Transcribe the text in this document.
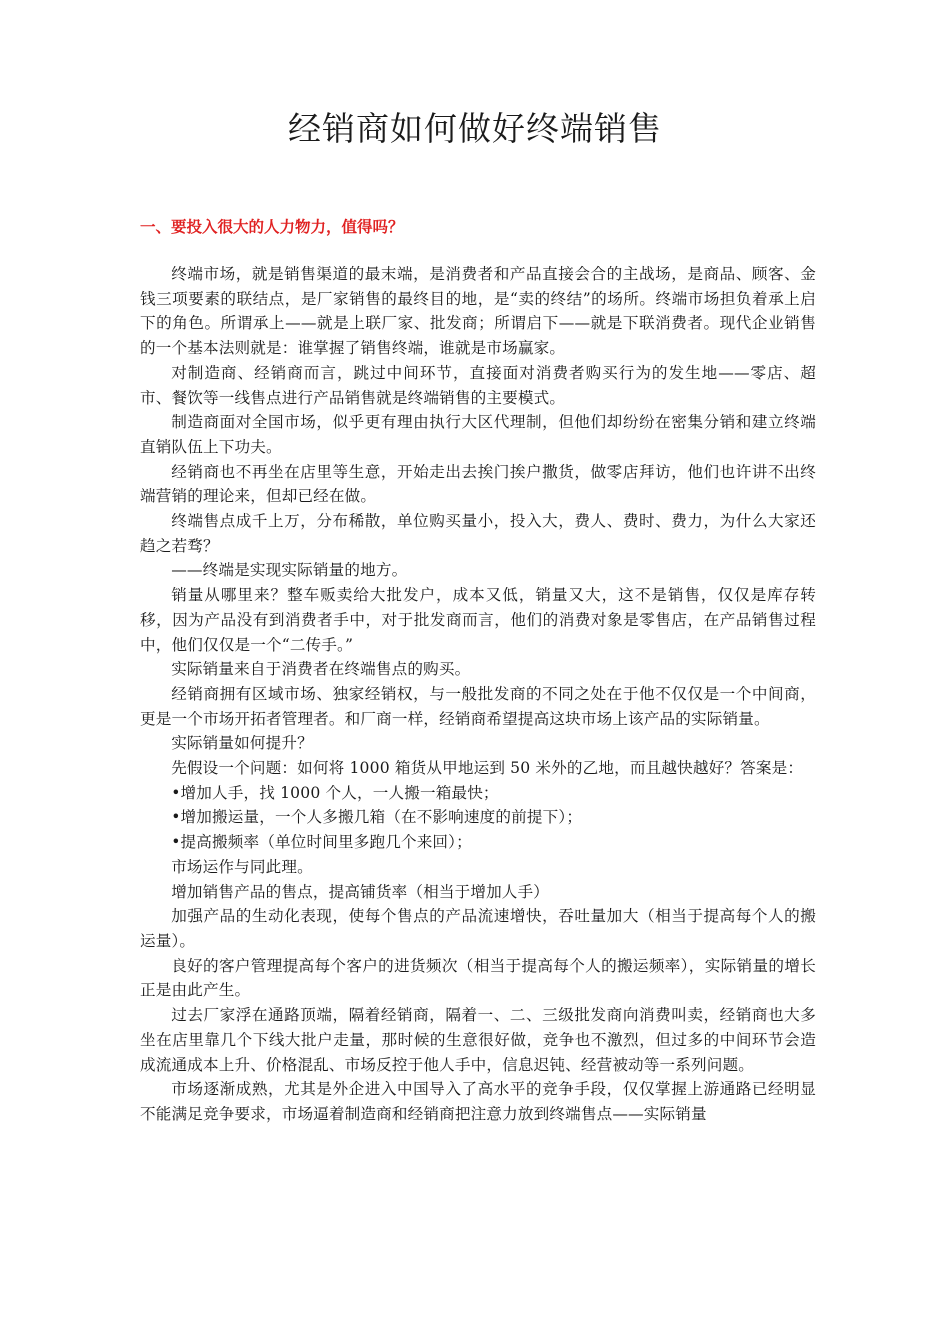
经销商如何做好终端销售
一、要投入很大的人力物力，值得吗？

终端市场，就是销售渠道的最末端，是消费者和产品直接会合的主战场，是商品、顾客、金钱三项要素的联结点，是厂家销售的最终目的地，是“卖的终结”的场所。终端市场担负着承上启下的角色。所谓承上——就是上联厂家、批发商；所谓启下——就是下联消费者。现代企业销售的一个基本法则就是：谁掌握了销售终端，谁就是市场赢家。

对制造商、经销商而言，跳过中间环节，直接面对消费者购买行为的发生地——零店、超市、餐饮等一线售点进行产品销售就是终端销售的主要模式。

制造商面对全国市场，似乎更有理由执行大区代理制，但他们却纷纷在密集分销和建立终端直销队伍上下功夫。

经销商也不再坐在店里等生意，开始走出去挨门挨户撒货，做零店拜访，他们也许讲不出终端营销的理论来，但却已经在做。

终端售点成千上万，分布稀散，单位购买量小，投入大，费人、费时、费力，为什么大家还趋之若骛？

——终端是实现实际销量的地方。

销量从哪里来？整车贩卖给大批发户，成本又低，销量又大，这不是销售，仅仅是库存转移，因为产品没有到消费者手中，对于批发商而言，他们的消费对象是零售店，在产品销售过程中，他们仅仅是一个“二传手。”

实际销量来自于消费者在终端售点的购买。

经销商拥有区域市场、独家经销权，与一般批发商的不同之处在于他不仅仅是一个中间商，更是一个市场开拓者管理者。和厂商一样，经销商希望提高这块市场上该产品的实际销量。

实际销量如何提升？

先假设一个问题：如何将 1000 箱货从甲地运到 50 米外的乙地，而且越快越好？答案是：

•增加人手，找 1000 个人，一人搬一箱最快；

•增加搬运量，一个人多搬几箱（在不影响速度的前提下）；

•提高搬频率（单位时间里多跑几个来回）；

市场运作与同此理。

增加销售产品的售点，提高铺货率（相当于增加人手）

加强产品的生动化表现，使每个售点的产品流速增快，吞吐量加大（相当于提高每个人的搬运量）。

良好的客户管理提高每个客户的进货频次（相当于提高每个人的搬运频率），实际销量的增长正是由此产生。

过去厂家浮在通路顶端，隔着经销商，隔着一、二、三级批发商向消费叫卖，经销商也大多坐在店里靠几个下线大批户走量，那时候的生意很好做，竞争也不激烈，但过多的中间环节会造成流通成本上升、价格混乱、市场反控于他人手中，信息迟钝、经营被动等一系列问题。

市场逐渐成熟，尤其是外企进入中国导入了高水平的竞争手段，仅仅掌握上游通路已经明显不能满足竞争要求，市场逼着制造商和经销商把注意力放到终端售点——实际销量
